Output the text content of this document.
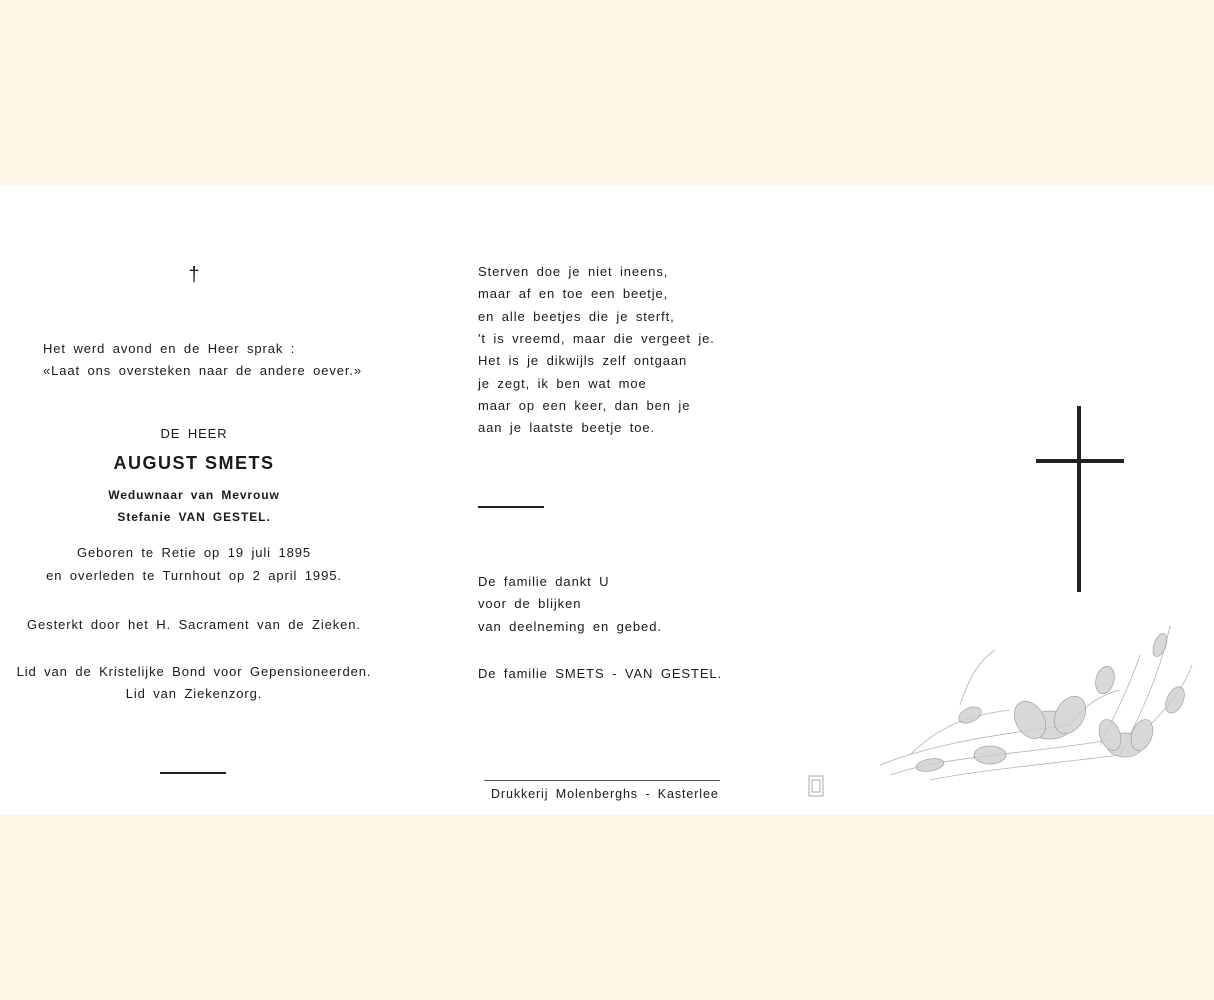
†
Het werd avond en de Heer sprak :
«Laat ons oversteken naar de andere oever.»
DE HEER
AUGUST SMETS
Weduwnaar van Mevrouw
Stefanie VAN GESTEL.
Geboren te Retie op 19 juli 1895
en overleden te Turnhout op 2 april 1995.
Gesterkt door het H. Sacrament van de Zieken.
Lid van de Kristelijke Bond voor Gepensioneerden.
Lid van Ziekenzorg.
Sterven doe je niet ineens,
maar af en toe een beetje,
en alle beetjes die je sterft,
't is vreemd, maar die vergeet je.
Het is je dikwijls zelf ontgaan
je zegt, ik ben wat moe
maar op een keer, dan ben je
aan je laatste beetje toe.
De familie dankt U
voor de blijken
van deelneming en gebed.
De familie SMETS - VAN GESTEL.
Drukkerij Molenberghs - Kasterlee
